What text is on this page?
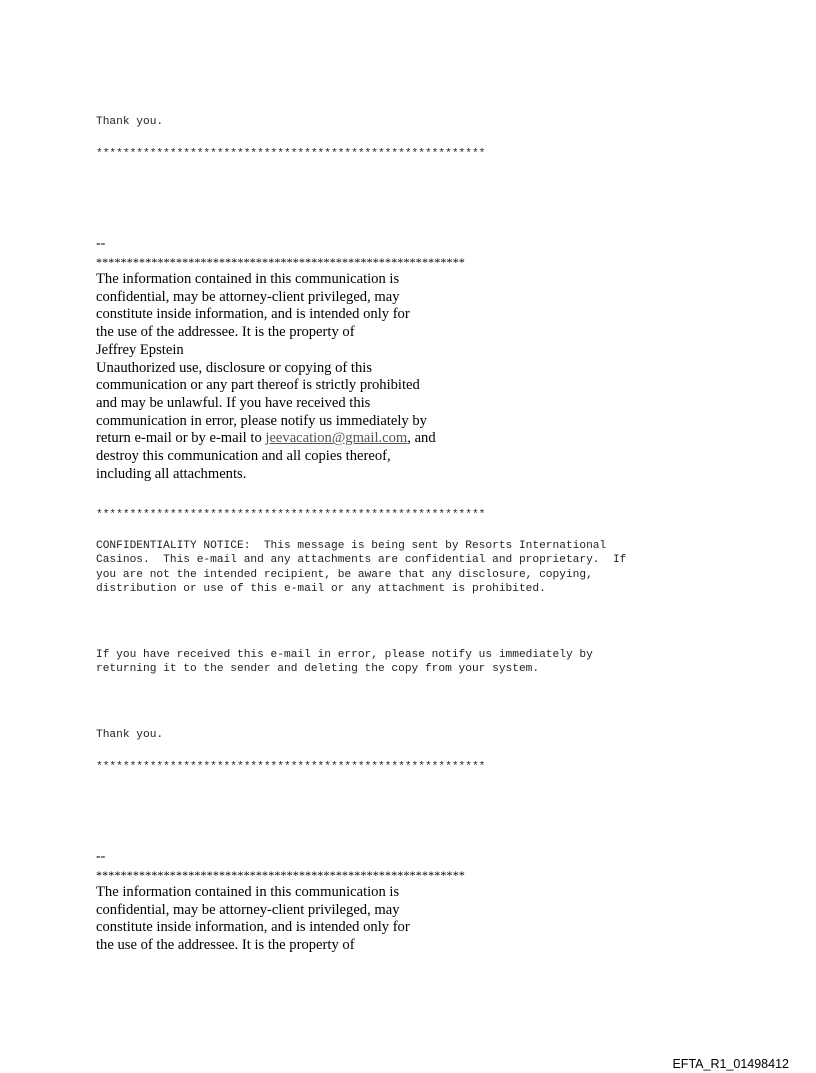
Thank you.
**********************************************************
--
************************************************************
The information contained in this communication is
confidential, may be attorney-client privileged, may
constitute inside information, and is intended only for
the use of the addressee. It is the property of
Jeffrey Epstein
Unauthorized use, disclosure or copying of this
communication or any part thereof is strictly prohibited
and may be unlawful. If you have received this
communication in error, please notify us immediately by
return e-mail or by e-mail to jeevacation@gmail.com, and
destroy this communication and all copies thereof,
including all attachments.
**********************************************************
CONFIDENTIALITY NOTICE:  This message is being sent by Resorts International
Casinos.  This e-mail and any attachments are confidential and proprietary.  If
you are not the intended recipient, be aware that any disclosure, copying,
distribution or use of this e-mail or any attachment is prohibited.
If you have received this e-mail in error, please notify us immediately by
returning it to the sender and deleting the copy from your system.
Thank you.
**********************************************************
--
************************************************************
The information contained in this communication is
confidential, may be attorney-client privileged, may
constitute inside information, and is intended only for
the use of the addressee. It is the property of
EFTA_R1_01498412
